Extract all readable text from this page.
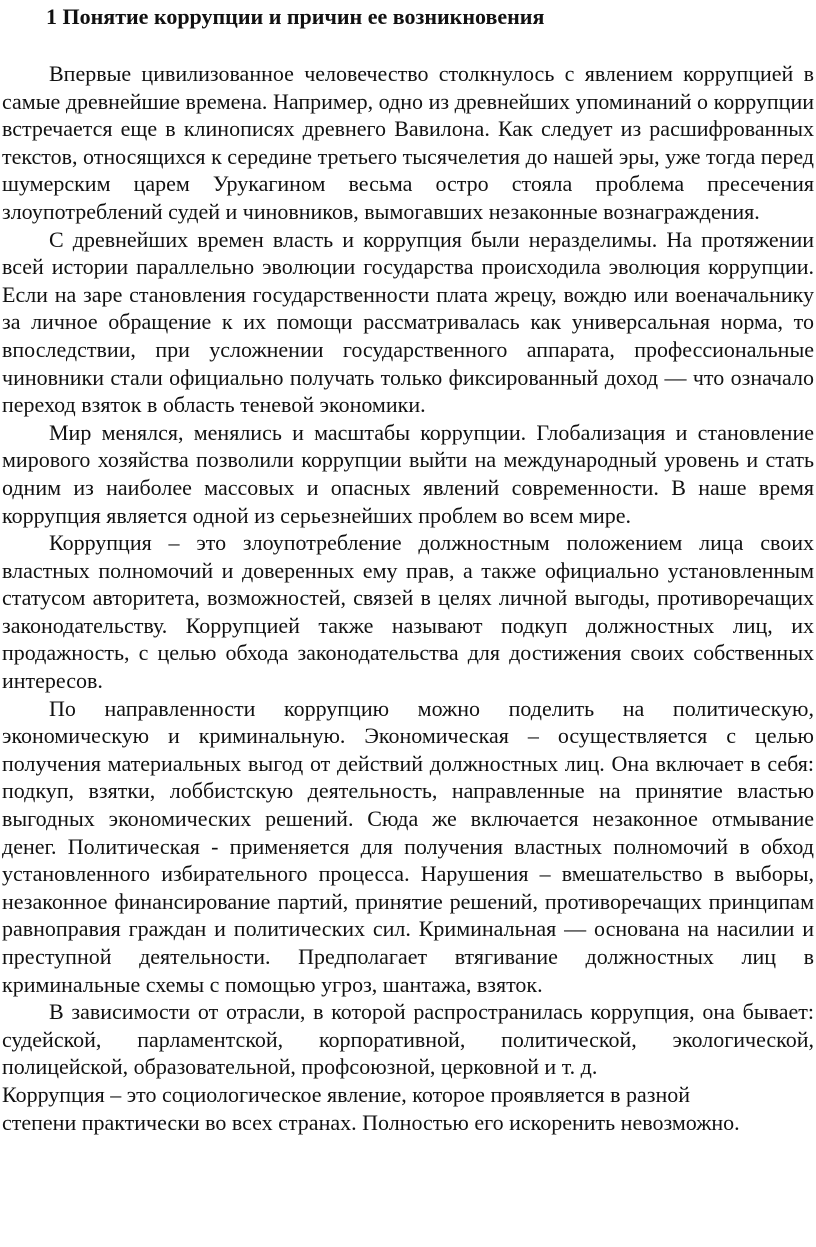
1 Понятие коррупции и причин ее возникновения

Впервые цивилизованное человечество столкнулось с явлением коррупцией в самые древнейшие времена. Например, одно из древнейших упоминаний о коррупции встречается еще в клинописях древнего Вавилона. Как следует из расшифрованных текстов, относящихся к середине третьего тысячелетия до нашей эры, уже тогда перед шумерским царем Урукагином весьма остро стояла проблема пресечения злоупотреблений судей и чиновников, вымогавших незаконные вознаграждения.

С древнейших времен власть и коррупция были неразделимы. На протяжении всей истории параллельно эволюции государства происходила эволюция коррупции. Если на заре становления государственности плата жрецу, вождю или военачальнику за личное обращение к их помощи рассматривалась как универсальная норма, то впоследствии, при усложнении государственного аппарата, профессиональные чиновники стали официально получать только фиксированный доход — что означало переход взяток в область теневой экономики.

Мир менялся, менялись и масштабы коррупции. Глобализация и становление мирового хозяйства позволили коррупции выйти на международный уровень и стать одним из наиболее массовых и опасных явлений современности. В наше время коррупция является одной из серьезнейших проблем во всем мире.

Коррупция – это злоупотребление должностным положением лица своих властных полномочий и доверенных ему прав, а также официально установленным статусом авторитета, возможностей, связей в целях личной выгоды, противоречащих законодательству. Коррупцией также называют подкуп должностных лиц, их продажность, с целью обхода законодательства для достижения своих собственных интересов.

По направленности коррупцию можно поделить на политическую, экономическую и криминальную. Экономическая – осуществляется с целью получения материальных выгод от действий должностных лиц. Она включает в себя: подкуп, взятки, лоббистскую деятельность, направленные на принятие властью выгодных экономических решений. Сюда же включается незаконное отмывание денег. Политическая - применяется для получения властных полномочий в обход установленного избирательного процесса. Нарушения – вмешательство в выборы, незаконное финансирование партий, принятие решений, противоречащих принципам равноправия граждан и политических сил. Криминальная — основана на насилии и преступной деятельности. Предполагает втягивание должностных лиц в криминальные схемы с помощью угроз, шантажа, взяток.

В зависимости от отрасли, в которой распространилась коррупция, она бывает: судейской, парламентской, корпоративной, политической, экологической, полицейской, образовательной, профсоюзной, церковной и т. д.

Коррупция – это социологическое явление, которое проявляется в разной

степени практически во всех странах. Полностью его искоренить невозможно.
